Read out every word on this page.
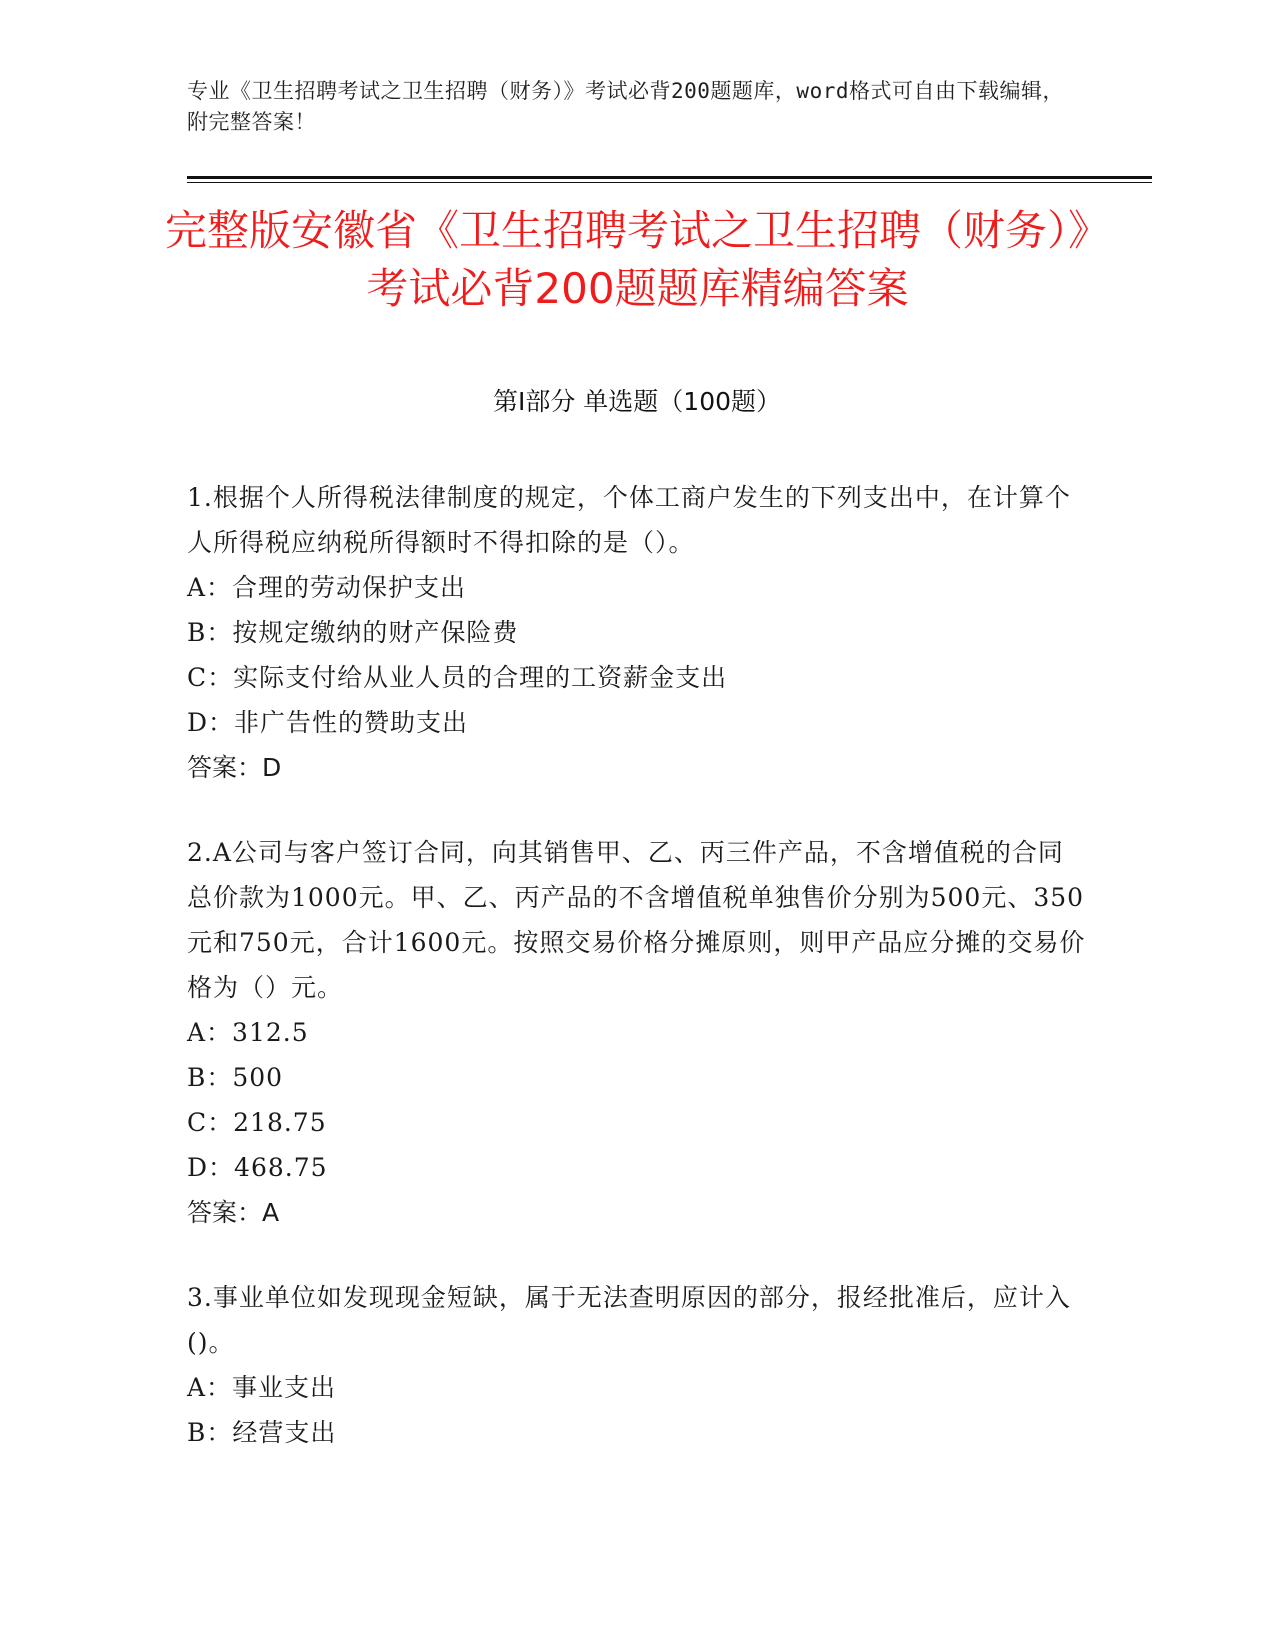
专业《卫生招聘考试之卫生招聘（财务）》考试必背200题题库，word格式可自由下载编辑，附完整答案！
完整版安徽省《卫生招聘考试之卫生招聘（财务）》考试必背200题题库精编答案
第I部分 单选题（100题）

1.根据个人所得税法律制度的规定，个体工商户发生的下列支出中，在计算个人所得税应纳税所得额时不得扣除的是（）。

A：合理的劳动保护支出

B：按规定缴纳的财产保险费

C：实际支付给从业人员的合理的工资薪金支出

D：非广告性的赞助支出

答案：D

2.A公司与客户签订合同，向其销售甲、乙、丙三件产品，不含增值税的合同总价款为1000元。甲、乙、丙产品的不含增值税单独售价分别为500元、350元和750元，合计1600元。按照交易价格分摊原则，则甲产品应分摊的交易价格为（）元。

A：312.5

B：500

C：218.75

D：468.75

答案：A

3.事业单位如发现现金短缺，属于无法查明原因的部分，报经批准后，应计入()。

A：事业支出

B：经营支出
